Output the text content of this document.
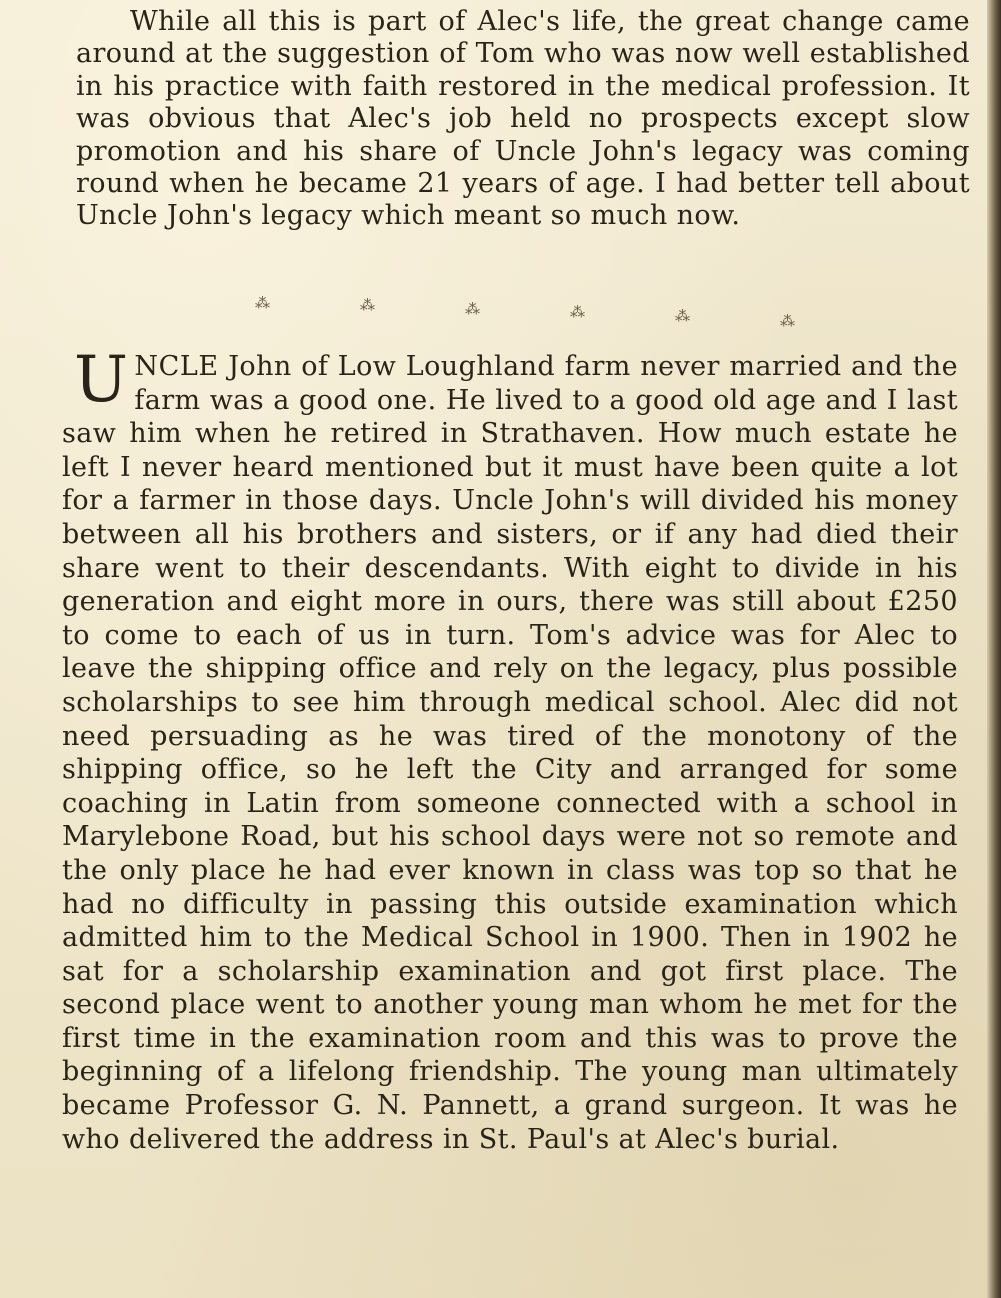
While all this is part of Alec's life, the great change came around at the suggestion of Tom who was now well established in his practice with faith restored in the medical profession. It was obvious that Alec's job held no prospects except slow promotion and his share of Uncle John's legacy was coming round when he became 21 years of age. I had better tell about Uncle John's legacy which meant so much now.

⁂	⁂	⁂	⁂	⁂	⁂

UNCLE John of Low Loughland farm never married and the farm was a good one. He lived to a good old age and I last saw him when he retired in Strathaven. How much estate he left I never heard mentioned but it must have been quite a lot for a farmer in those days. Uncle John's will divided his money between all his brothers and sisters, or if any had died their share went to their descendants. With eight to divide in his generation and eight more in ours, there was still about £250 to come to each of us in turn. Tom's advice was for Alec to leave the shipping office and rely on the legacy, plus possible scholarships to see him through medical school. Alec did not need persuading as he was tired of the monotony of the shipping office, so he left the City and arranged for some coaching in Latin from someone connected with a school in Marylebone Road, but his school days were not so remote and the only place he had ever known in class was top so that he had no difficulty in passing this outside examination which admitted him to the Medical School in 1900. Then in 1902 he sat for a scholarship examination and got first place. The second place went to another young man whom he met for the first time in the examination room and this was to prove the beginning of a lifelong friendship. The young man ultimately became Professor G. N. Pannett, a grand surgeon. It was he who delivered the address in St. Paul's at Alec's burial.
